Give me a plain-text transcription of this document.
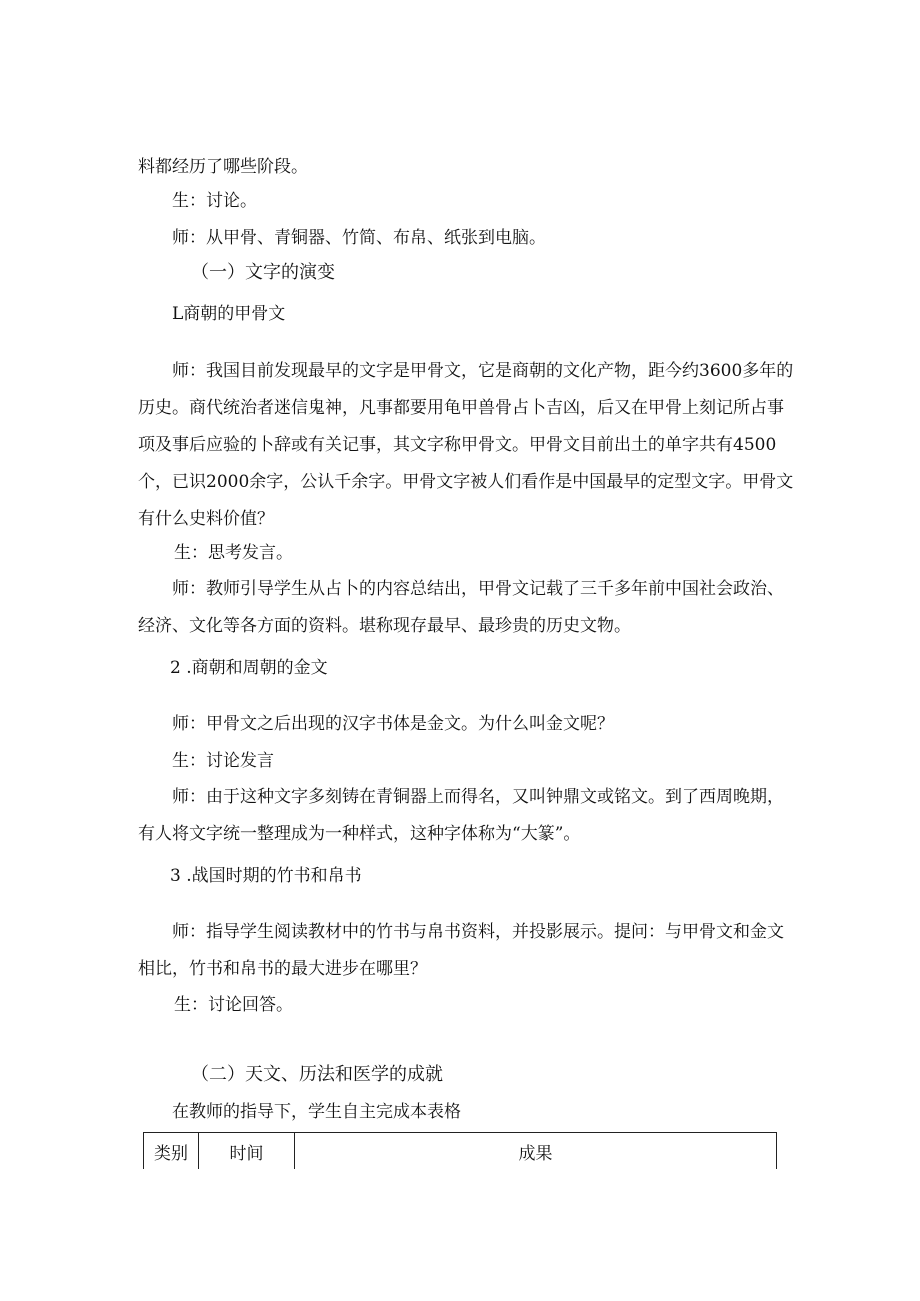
料都经历了哪些阶段。
生：讨论。
师：从甲骨、青铜器、竹简、布帛、纸张到电脑。
（一）文字的演变
L商朝的甲骨文

师：我国目前发现最早的文字是甲骨文，它是商朝的文化产物，距今约3600多年的

历史。商代统治者迷信鬼神，凡事都要用龟甲兽骨占卜吉凶，后又在甲骨上刻记所占事

项及事后应验的卜辞或有关记事，其文字称甲骨文。甲骨文目前出土的单字共有4500

个，已识2000余字，公认千余字。甲骨文字被人们看作是中国最早的定型文字。甲骨文

有什么史料价值？

生：思考发言。

师：教师引导学生从占卜的内容总结出，甲骨文记载了三千多年前中国社会政治、

经济、文化等各方面的资料。堪称现存最早、最珍贵的历史文物。

2 .商朝和周朝的金文
师：甲骨文之后出现的汉字书体是金文。为什么叫金文呢？
生：讨论发言

师：由于这种文字多刻铸在青铜器上而得名，又叫钟鼎文或铭文。到了西周晚期，

有人将文字统一整理成为一种样式，这种字体称为“大篆”。

3 .战国时期的竹书和帛书

师：指导学生阅读教材中的竹书与帛书资料，并投影展示。提问：与甲骨文和金文

相比，竹书和帛书的最大进步在哪里？

生：讨论回答。
（二）天文、历法和医学的成就
在教师的指导下，学生自主完成本表格
类别	时间	成果
